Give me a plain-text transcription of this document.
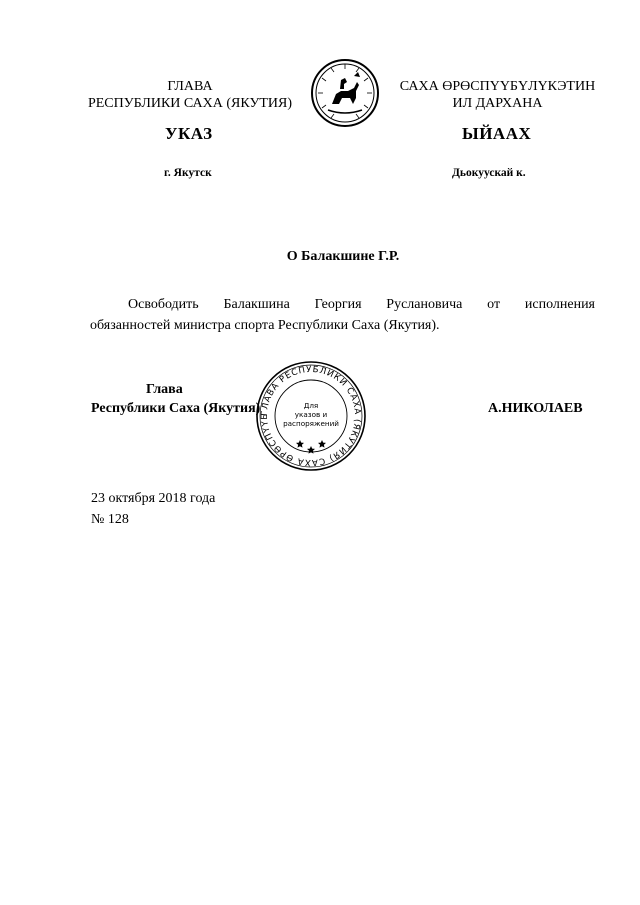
ГЛАВА
РЕСПУБЛИКИ САХА (ЯКУТИЯ)
САХА ӨРӨСПҮҮБҮЛҮКЭТИН
ИЛ ДАРХАНА
УКАЗ	ЫЙААХ
г. Якутск	Дьокуускай к.
О Балакшине Г.Р.
Освободить Балакшина Георгия Руслановича от исполнения
обязанностей министра спорта Республики Саха (Якутия).
Глава
Республики Саха (Якутия)	А.НИКОЛАЕВ
ГЛАВА РЕСПУБЛИКИ САХА (ЯКУТИЯ) САХА ӨРӨСПҮҮБ
Для
указов и
распоряжений
23 октября 2018 года
№ 128
